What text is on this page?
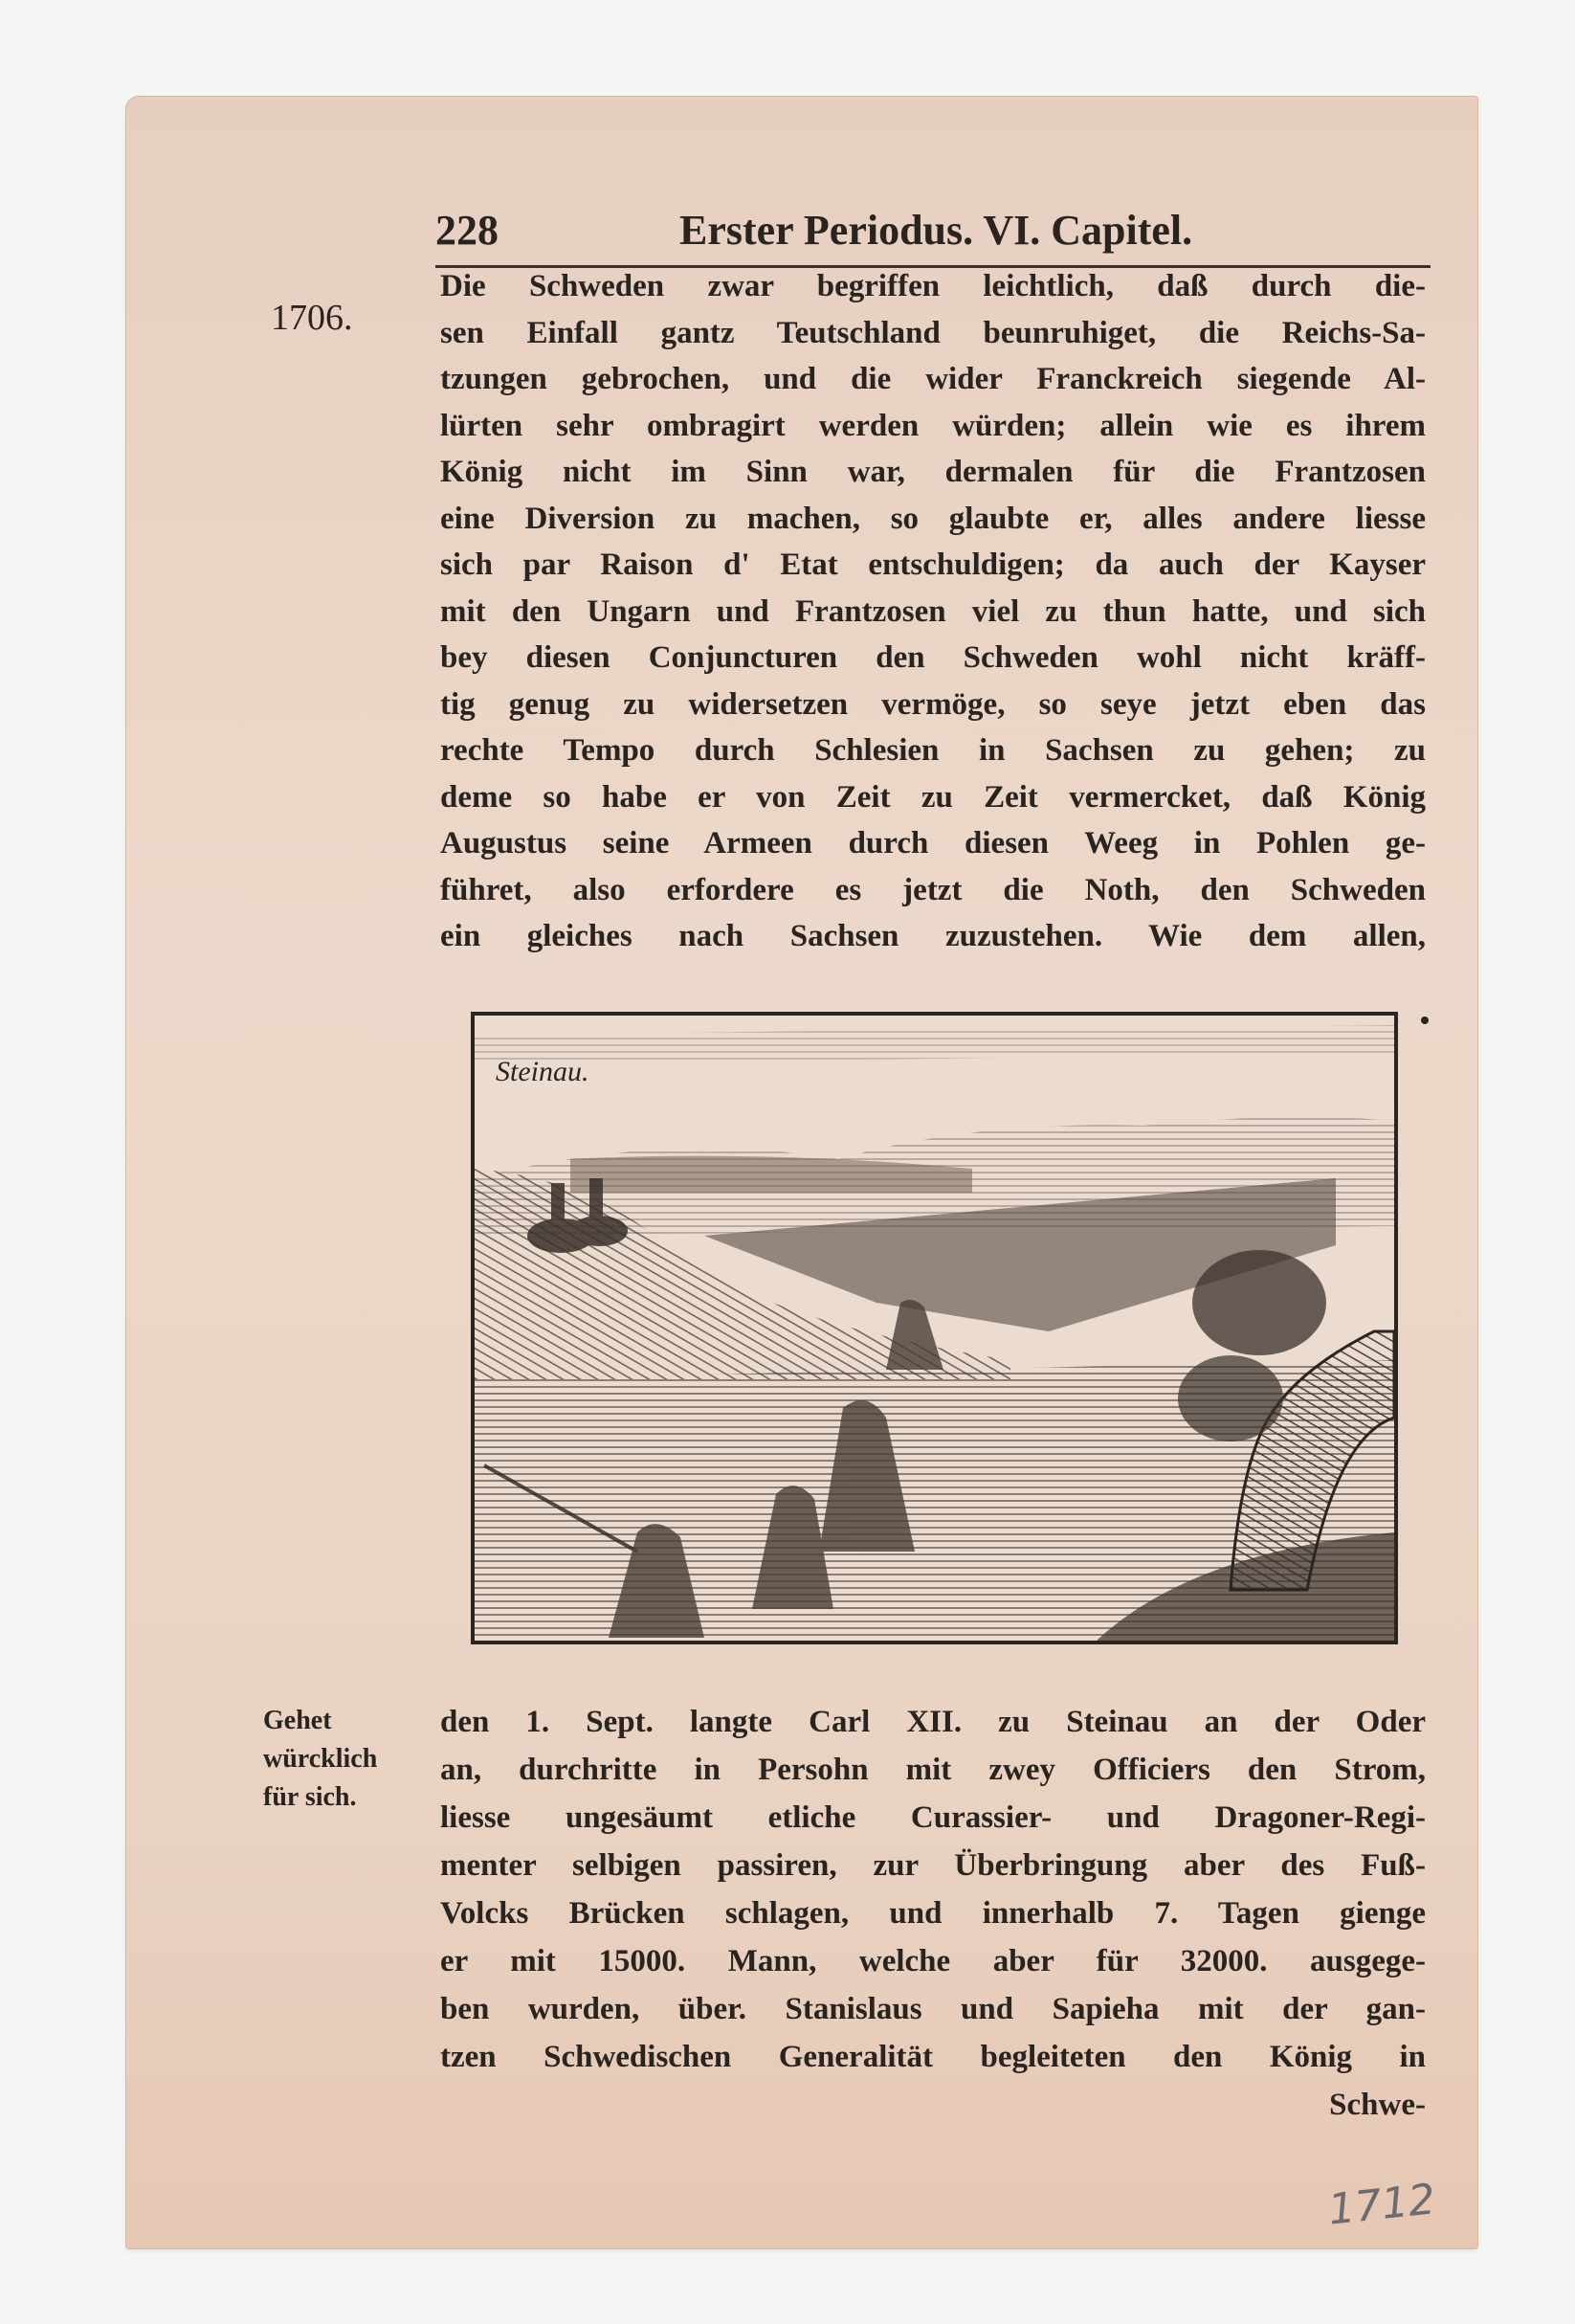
228	Erster Periodus. VI. Capitel.
1706.
Die Schweden zwar begriffen leichtlich, daß durch die-
sen Einfall gantz Teutschland beunruhiget, die Reichs-Sa-
tzungen gebrochen, und die wider Franckreich siegende Al-
lürten sehr ombragirt werden würden; allein wie es ihrem
König nicht im Sinn war, dermalen für die Frantzosen
eine Diversion zu machen, so glaubte er, alles andere liesse
sich par Raison d' Etat entschuldigen; da auch der Kayser
mit den Ungarn und Frantzosen viel zu thun hatte, und sich
bey diesen Conjuncturen den Schweden wohl nicht kräff-
tig genug zu widersetzen vermöge, so seye jetzt eben das
rechte Tempo durch Schlesien in Sachsen zu gehen; zu
deme so habe er von Zeit zu Zeit vermercket, daß König
Augustus seine Armeen durch diesen Weeg in Pohlen ge-
führet, also erfordere es jetzt die Noth, den Schweden
ein gleiches nach Sachsen zuzustehen. Wie dem allen,
Steinau.
Gehet
würcklich
für sich.
den 1. Sept. langte Carl XII. zu Steinau an der Oder
an, durchritte in Persohn mit zwey Officiers den Strom,
liesse ungesäumt etliche Curassier- und Dragoner-Regi-
menter selbigen passiren, zur Überbringung aber des Fuß-
Volcks Brücken schlagen, und innerhalb 7. Tagen gienge
er mit 15000. Mann, welche aber für 32000. ausgege-
ben wurden, über. Stanislaus und Sapieha mit der gan-
tzen Schwedischen Generalität begleiteten den König in
Schwe-
1712
